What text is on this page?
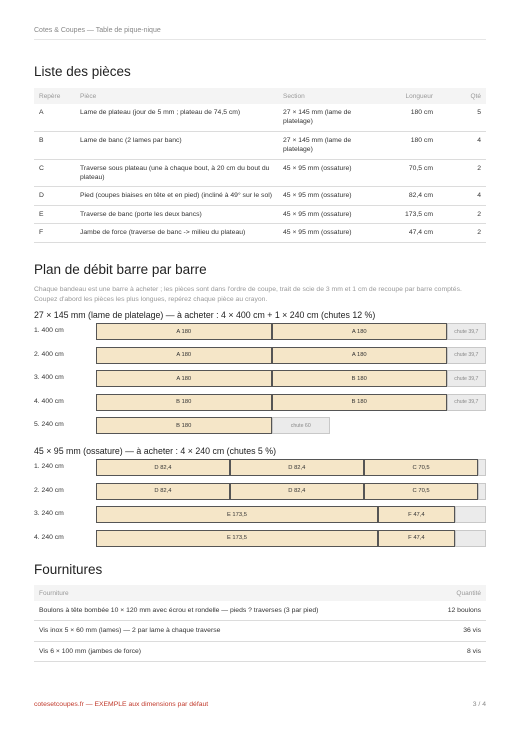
Cotes & Coupes — Table de pique-nique
Liste des pièces
Repère	Pièce	Section	Longueur	Qté
A	Lame de plateau (jour de 5 mm ; plateau de 74,5 cm)	27 × 145 mm (lame de platelage)	180 cm	5
B	Lame de banc (2 lames par banc)	27 × 145 mm (lame de platelage)	180 cm	4
C	Traverse sous plateau (une à chaque bout, à 20 cm du bout du plateau)	45 × 95 mm (ossature)	70,5 cm	2
D	Pied (coupes biaises en tête et en pied) (incliné à 49° sur le sol)	45 × 95 mm (ossature)	82,4 cm	4
E	Traverse de banc (porte les deux bancs)	45 × 95 mm (ossature)	173,5 cm	2
F	Jambe de force (traverse de banc -> milieu du plateau)	45 × 95 mm (ossature)	47,4 cm	2
Plan de débit barre par barre
Chaque bandeau est une barre à acheter ; les pièces sont dans l'ordre de coupe, trait de scie de 3 mm et 1 cm de recoupe par barre comptés. Coupez d'abord les pièces les plus longues, repérez chaque pièce au crayon.
27 × 145 mm (lame de platelage) — à acheter : 4 × 400 cm + 1 × 240 cm (chutes 12 %)
1. 400 cm	A 180	A 180	chute 39,7
2. 400 cm	A 180	A 180	chute 39,7
3. 400 cm	A 180	B 180	chute 39,7
4. 400 cm	B 180	B 180	chute 39,7
5. 240 cm	B 180	chute 60
45 × 95 mm (ossature) — à acheter : 4 × 240 cm (chutes 5 %)
1. 240 cm	D 82,4	D 82,4	C 70,5
2. 240 cm	D 82,4	D 82,4	C 70,5
3. 240 cm	E 173,5	F 47,4
4. 240 cm	E 173,5	F 47,4
Fournitures
Fourniture	Quantité
Boulons à tête bombée 10 × 120 mm avec écrou et rondelle — pieds ? traverses (3 par pied)	12 boulons
Vis inox 5 × 60 mm (lames) — 2 par lame à chaque traverse	36 vis
Vis 6 × 100 mm (jambes de force)	8 vis
cotesetcoupes.fr — EXEMPLE aux dimensions par défaut	3 / 4
